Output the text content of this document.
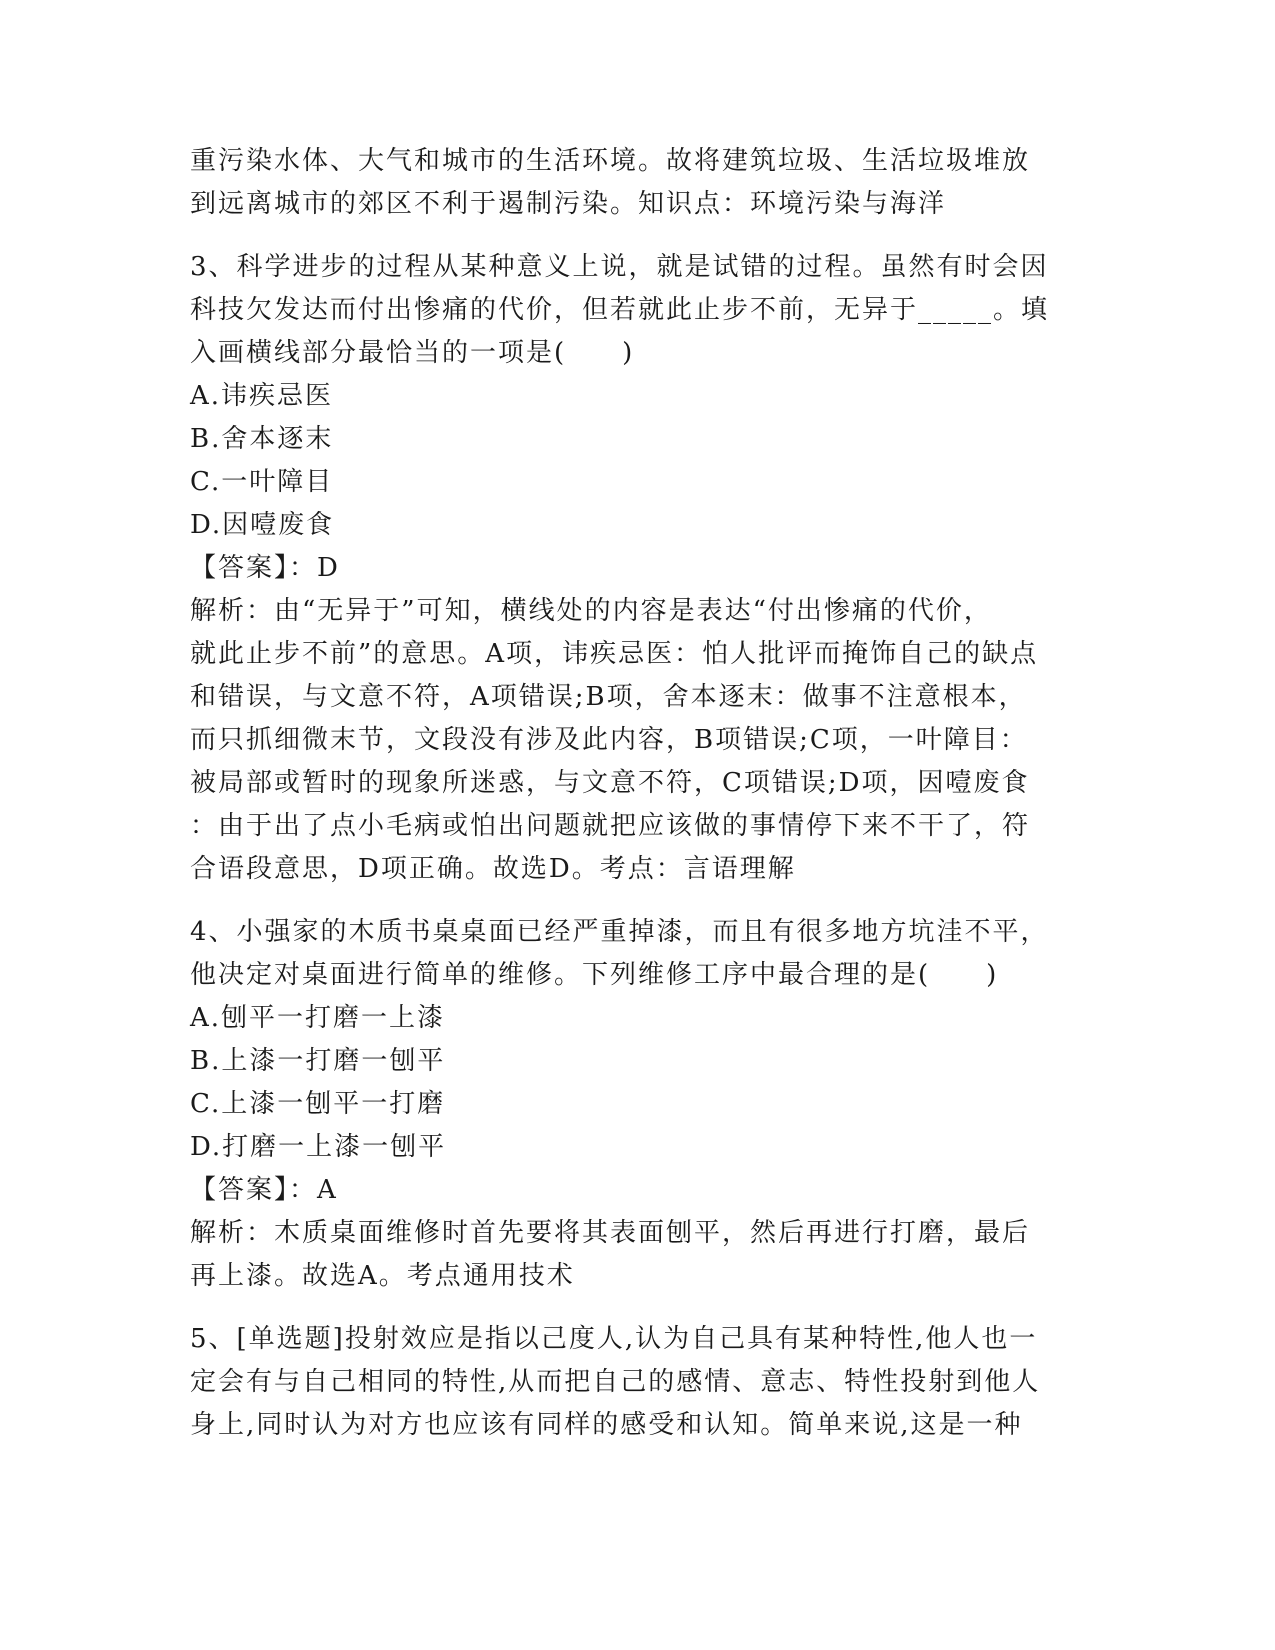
重污染水体、大气和城市的生活环境。故将建筑垃圾、生活垃圾堆放
到远离城市的郊区不利于遏制污染。知识点：环境污染与海洋
3、科学进步的过程从某种意义上说，就是试错的过程。虽然有时会因
科技欠发达而付出惨痛的代价，但若就此止步不前，无异于_____。填
入画横线部分最恰当的一项是(　　)
A.讳疾忌医
B.舍本逐末
C.一叶障目
D.因噎废食
【答案】：D
解析：由“无异于”可知，横线处的内容是表达“付出惨痛的代价，
就此止步不前”的意思。A项，讳疾忌医：怕人批评而掩饰自己的缺点
和错误，与文意不符，A项错误;B项，舍本逐末：做事不注意根本，
而只抓细微末节，文段没有涉及此内容，B项错误;C项，一叶障目：
被局部或暂时的现象所迷惑，与文意不符，C项错误;D项，因噎废食
：由于出了点小毛病或怕出问题就把应该做的事情停下来不干了，符
合语段意思，D项正确。故选D。考点：言语理解
4、小强家的木质书桌桌面已经严重掉漆，而且有很多地方坑洼不平，
他决定对桌面进行简单的维修。下列维修工序中最合理的是(　　)
A.刨平一打磨一上漆
B.上漆一打磨一刨平
C.上漆一刨平一打磨
D.打磨一上漆一刨平
【答案】：A
解析：木质桌面维修时首先要将其表面刨平，然后再进行打磨，最后
再上漆。故选A。考点通用技术
5、[单选题]投射效应是指以己度人,认为自己具有某种特性,他人也一
定会有与自己相同的特性,从而把自己的感情、意志、特性投射到他人
身上,同时认为对方也应该有同样的感受和认知。简单来说,这是一种
